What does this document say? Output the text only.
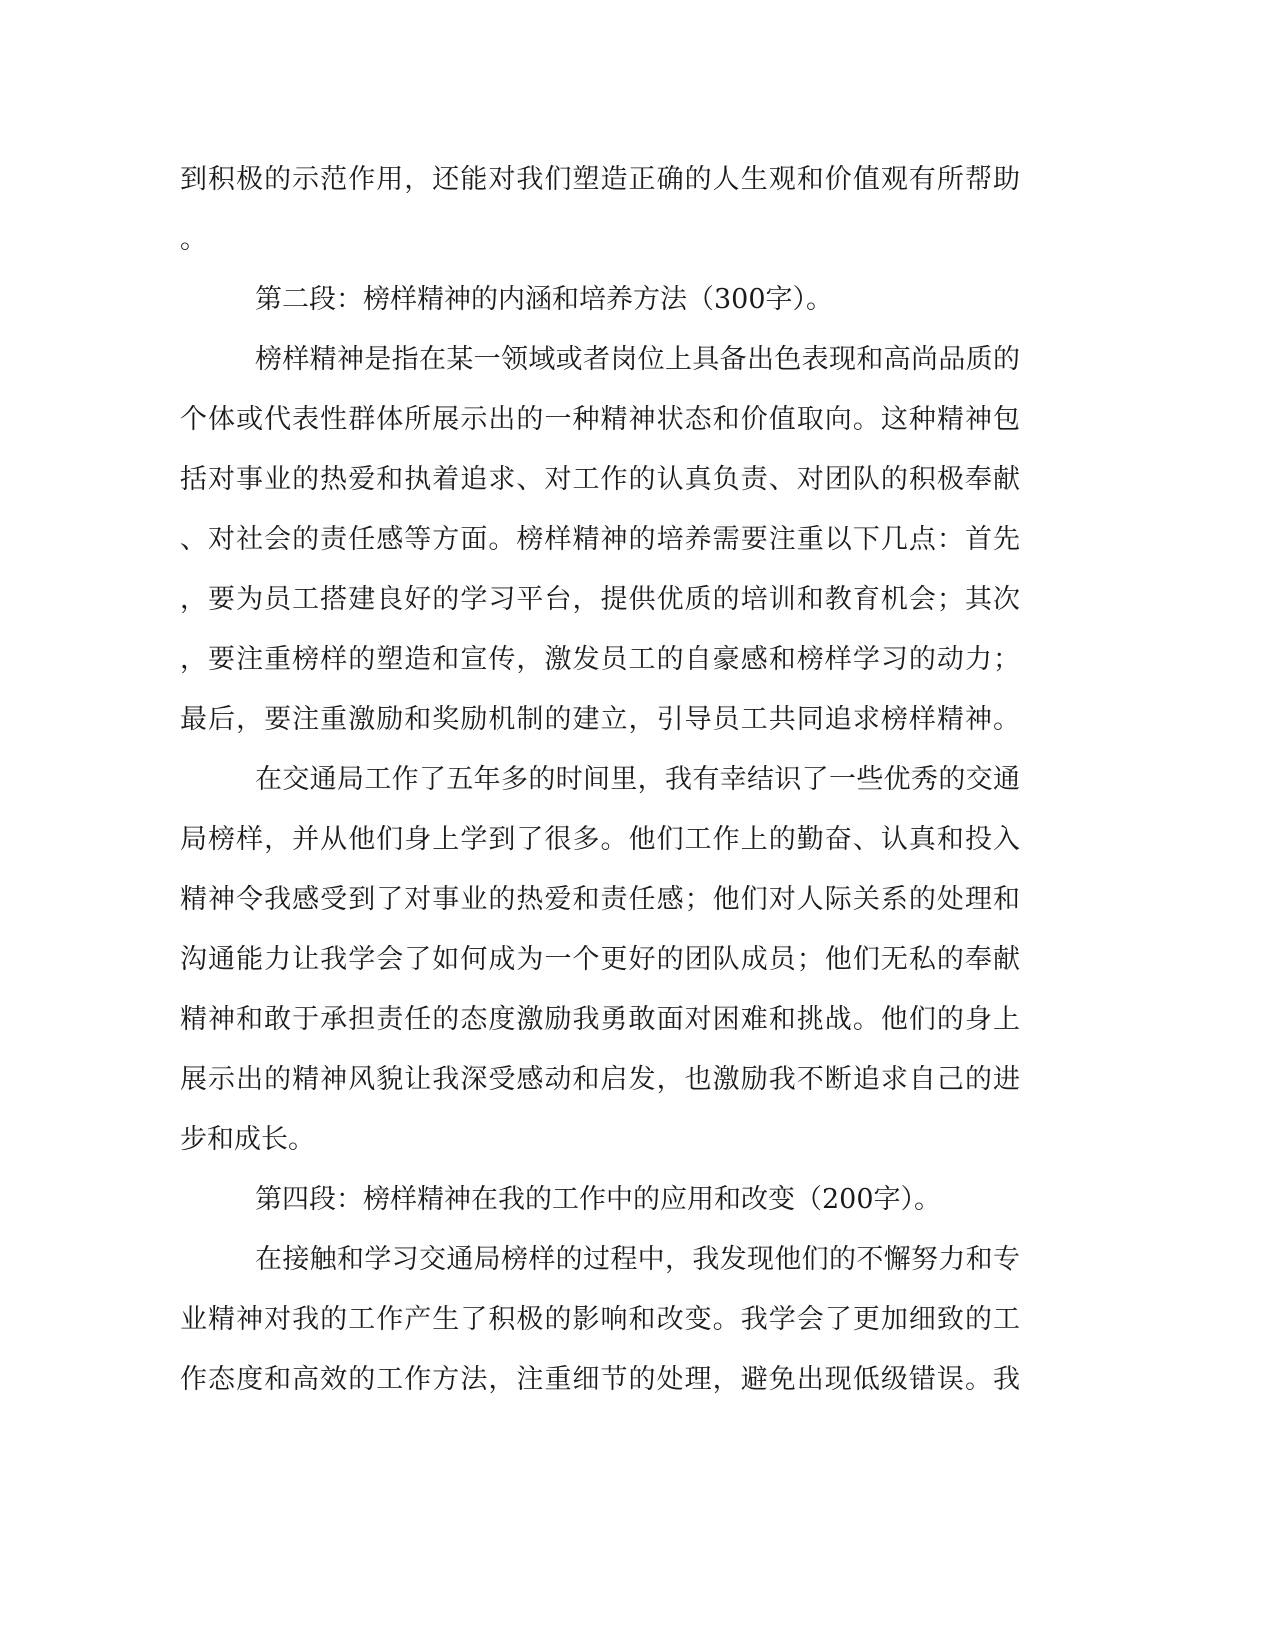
到积极的示范作用，还能对我们塑造正确的人生观和价值观有所帮助
。
第二段：榜样精神的内涵和培养方法（300字）。
榜样精神是指在某一领域或者岗位上具备出色表现和高尚品质的
个体或代表性群体所展示出的一种精神状态和价值取向。这种精神包
括对事业的热爱和执着追求、对工作的认真负责、对团队的积极奉献
、对社会的责任感等方面。榜样精神的培养需要注重以下几点：首先
，要为员工搭建良好的学习平台，提供优质的培训和教育机会；其次
，要注重榜样的塑造和宣传，激发员工的自豪感和榜样学习的动力；
最后，要注重激励和奖励机制的建立，引导员工共同追求榜样精神。
在交通局工作了五年多的时间里，我有幸结识了一些优秀的交通
局榜样，并从他们身上学到了很多。他们工作上的勤奋、认真和投入
精神令我感受到了对事业的热爱和责任感；他们对人际关系的处理和
沟通能力让我学会了如何成为一个更好的团队成员；他们无私的奉献
精神和敢于承担责任的态度激励我勇敢面对困难和挑战。他们的身上
展示出的精神风貌让我深受感动和启发，也激励我不断追求自己的进
步和成长。
第四段：榜样精神在我的工作中的应用和改变（200字）。
在接触和学习交通局榜样的过程中，我发现他们的不懈努力和专
业精神对我的工作产生了积极的影响和改变。我学会了更加细致的工
作态度和高效的工作方法，注重细节的处理，避免出现低级错误。我
